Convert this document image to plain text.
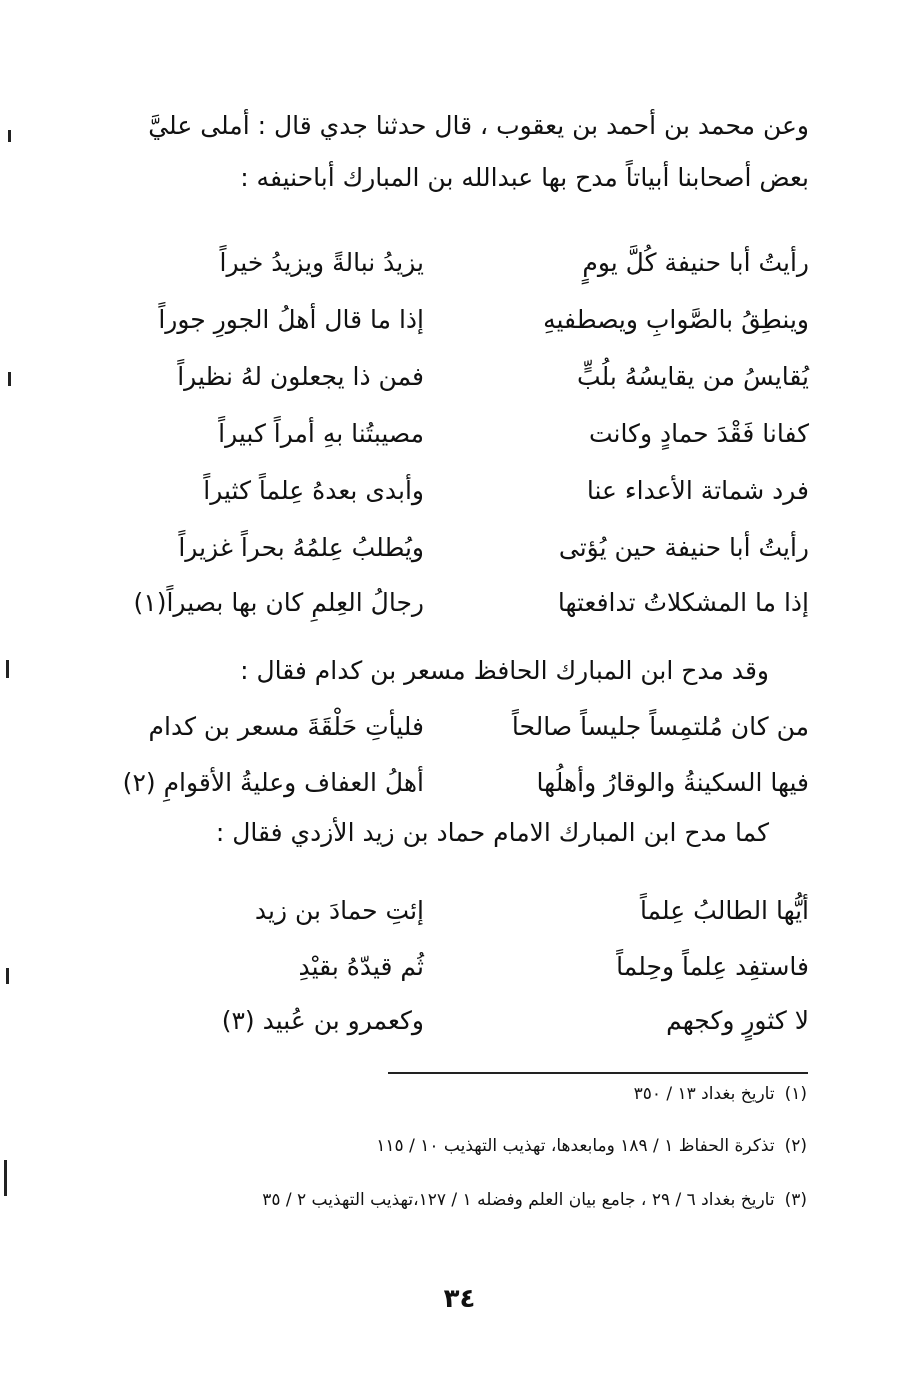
وعن محمد بن أحمد بن يعقوب ، قال حدثنا جدي قال : أملى عليَّ

بعض أصحابنا أبياتاً مدح بها عبدالله بن المبارك أباحنيفه :

رأيتُ أبا حنيفة كُلَّ يومٍ
يزيدُ نبالةً ويزيدُ خيراً
وينطِقُ بالصَّوابِ ويصطفيهِ
إذا ما قال أهلُ الجورِ جوراً
يُقايسُ من يقايسُهُ بلُبٍّ
فمن ذا يجعلون لهُ نظيراً
كفانا فَقْدَ حمادٍ وكانت
مصيبتُنا بهِ أمراً كبيراً
فرد شماتة الأعداء عنا
وأبدى بعدهُ عِلماً كثيراً
رأيتُ أبا حنيفة حين يُؤتى
ويُطلبُ عِلمُهُ بحراً غزيراً
إذا ما المشكلاتُ تدافعتها
رجالُ العِلمِ كان بها بصيراً(١)
وقد مدح ابن المبارك الحافظ مسعر بن كدام فقال :
من كان مُلتمِساً جليساً صالحاً
فليأتِ حَلْقَةَ مسعر بن كدام
فيها السكينةُ والوقارُ وأهلُها
أهلُ العفاف وعليةُ الأقوامِ (٢)
كما مدح ابن المبارك الامام حماد بن زيد الأزدي فقال :
أيُّها الطالبُ عِلماً
إئتِ حمادَ بن زيد
فاستفِد عِلماً وحِلماً
ثُم قيدّهُ بقيْدِ
لا كثورٍ وكجهم
وكعمرو بن عُبيد (٣)
(١)تاريخ بغداد ١٣ / ٣٥٠
(٢)تذكرة الحفاظ ١ / ١٨٩ ومابعدها، تهذيب التهذيب ١٠ / ١١٥
(٣)تاريخ بغداد ٦ / ٢٩ ، جامع بيان العلم وفضله ١ / ١٢٧،تهذيب التهذيب ٢ / ٣٥
٣٤
